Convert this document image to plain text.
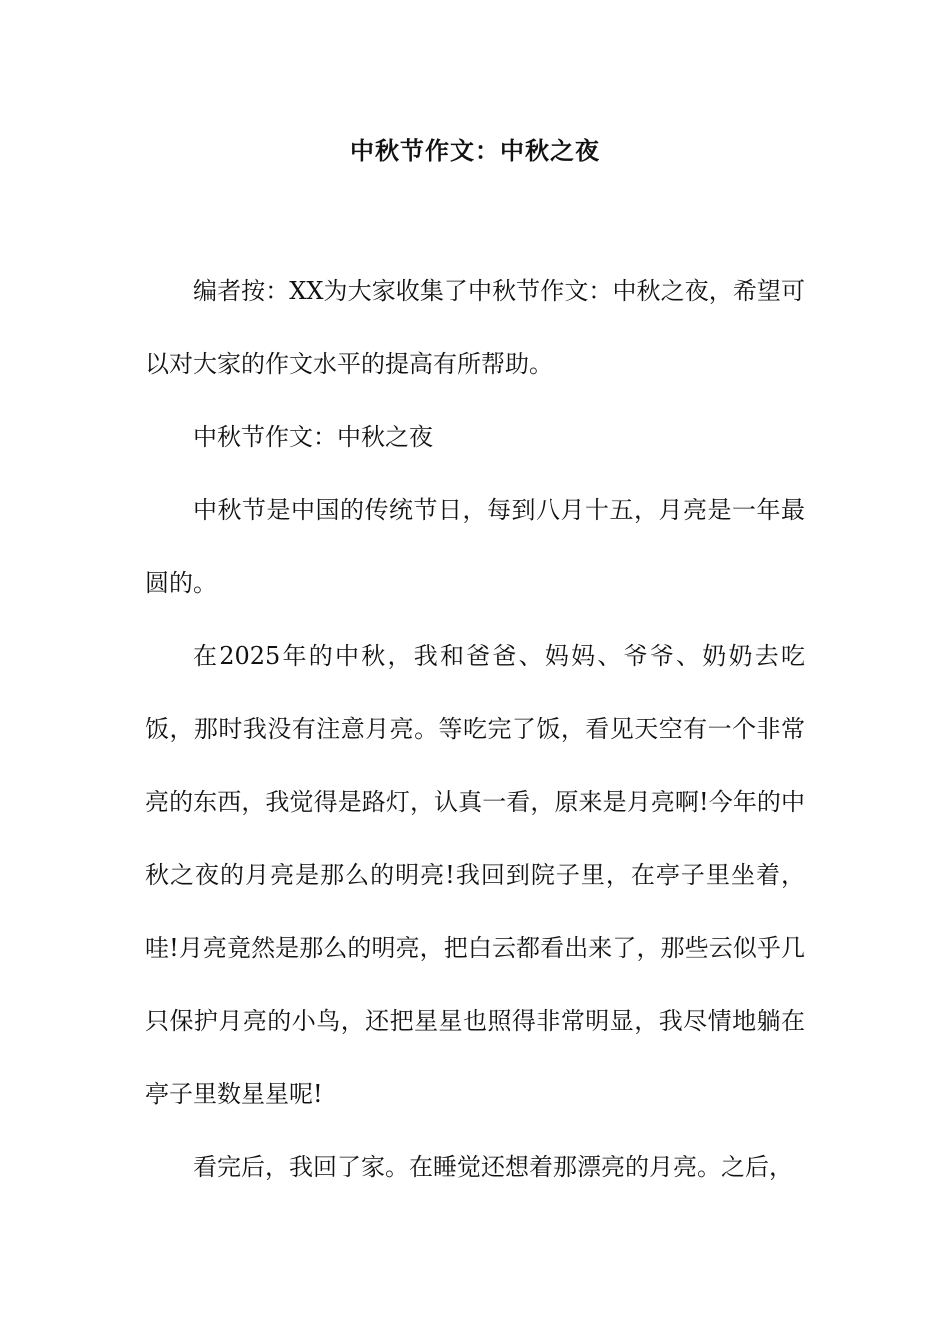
中秋节作文：中秋之夜

编者按：XX为大家收集了中秋节作文：中秋之夜，希望可以对大家的作文水平的提高有所帮助。

中秋节作文：中秋之夜

中秋节是中国的传统节日，每到八月十五，月亮是一年最圆的。

在2025年的中秋，我和爸爸、妈妈、爷爷、奶奶去吃饭，那时我没有注意月亮。等吃完了饭，看见天空有一个非常亮的东西，我觉得是路灯，认真一看，原来是月亮啊!今年的中秋之夜的月亮是那么的明亮!我回到院子里，在亭子里坐着，哇!月亮竟然是那么的明亮，把白云都看出来了，那些云似乎几只保护月亮的小鸟，还把星星也照得非常明显，我尽情地躺在亭子里数星星呢!

看完后，我回了家。在睡觉还想着那漂亮的月亮。之后，
